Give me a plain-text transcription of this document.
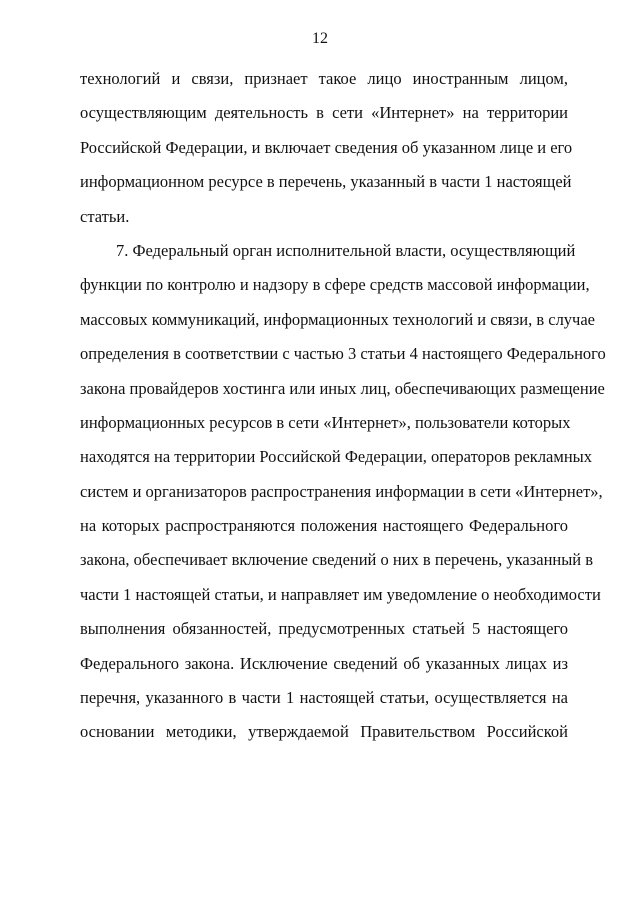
12
технологий и связи, признает такое лицо иностранным лицом,
осуществляющим деятельность в сети «Интернет» на территории
Российской Федерации, и включает сведения об указанном лице и его
информационном ресурсе в перечень, указанный в части 1 настоящей
статьи.
7. Федеральный орган исполнительной власти, осуществляющий
функции по контролю и надзору в сфере средств массовой информации,
массовых коммуникаций, информационных технологий и связи, в случае
определения в соответствии с частью 3 статьи 4 настоящего Федерального
закона провайдеров хостинга или иных лиц, обеспечивающих размещение
информационных ресурсов в сети «Интернет», пользователи которых
находятся на территории Российской Федерации, операторов рекламных
систем и организаторов распространения информации в сети «Интернет»,
на которых распространяются положения настоящего Федерального
закона, обеспечивает включение сведений о них в перечень, указанный в
части 1 настоящей статьи, и направляет им уведомление о необходимости
выполнения обязанностей, предусмотренных статьей 5 настоящего
Федерального закона. Исключение сведений об указанных лицах из
перечня, указанного в части 1 настоящей статьи, осуществляется на
основании методики, утверждаемой Правительством Российской
